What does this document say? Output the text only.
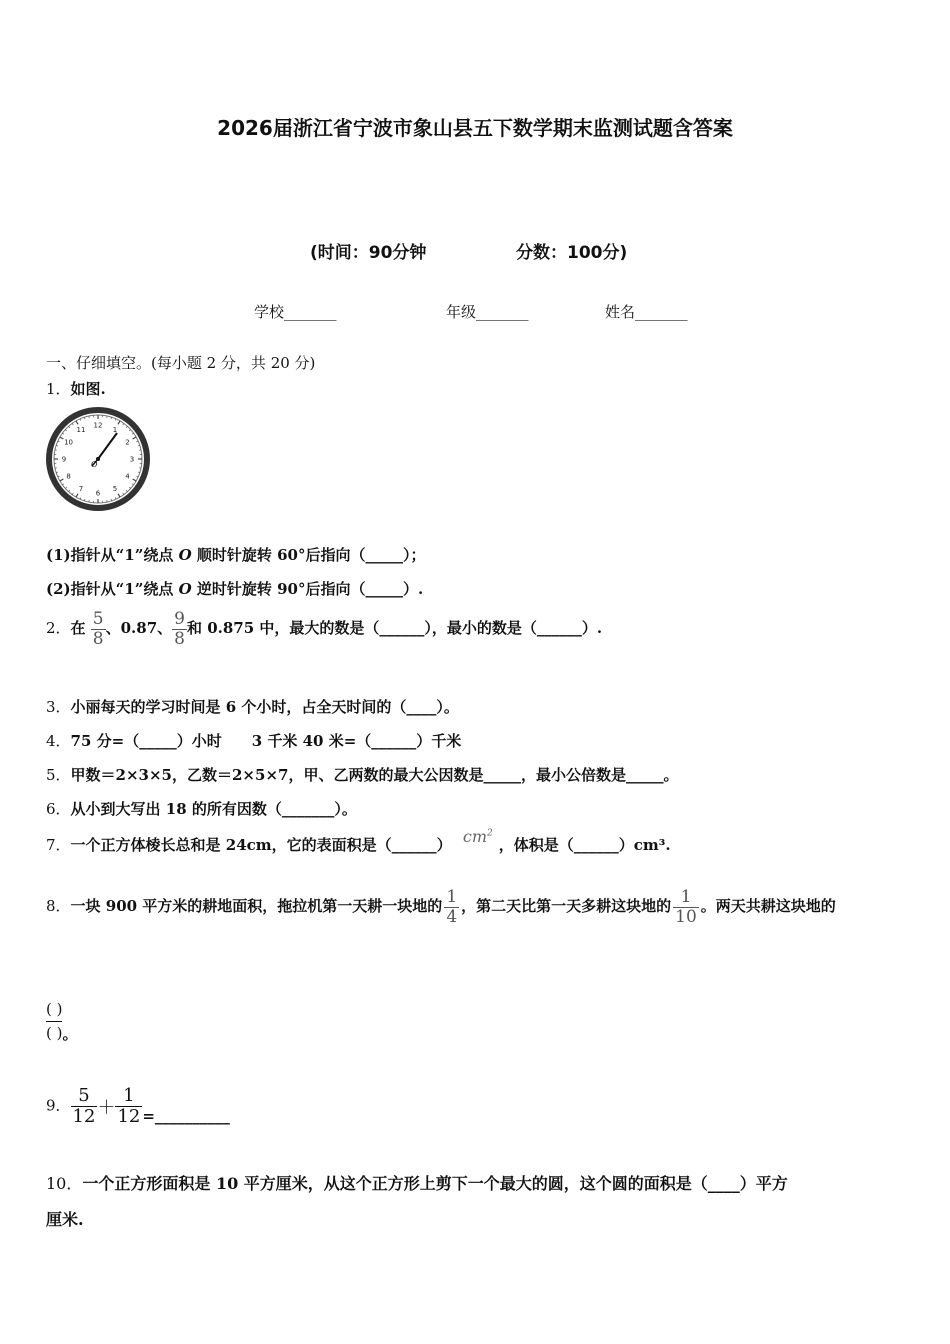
2026届浙江省宁波市象山县五下数学期末监测试题含答案
(时间：90分钟	分数：100分)
学校_______	年级_______	姓名_______
一、仔细填空。(每小题 2 分，共 20 分)
1．如图.
12
1
2
3
4
5
6
7
8
9
10
11
O
(1)指针从“1”绕点 O 顺时针旋转 60°后指向（_____）；
(2)指针从“1”绕点 O 逆时针旋转 90°后指向（_____）.
2．在 $\frac{5}{8}$ 、0.87、 $\frac{9}{8}$ 和 0.875 中，最大的数是（______），最小的数是（______）.
3．小丽每天的学习时间是 6 个小时，占全天时间的（____）。
4．75 分=（_____）小时　　3 千米 40 米=（______）千米
5．甲数＝2×3×5，乙数＝2×5×7，甲、乙两数的最大公因数是_____，最小公倍数是_____。
6．从小到大写出 18 的所有因数（_______）。
7．一个正方体棱长总和是 24cm，它的表面积是（______） $cm^2$，体积是（______）cm³.
8．一块 900 平方米的耕地面积，拖拉机第一天耕一块地的 $\frac{1}{4}$ ，第二天比第一天多耕这块地的 $\frac{1}{10}$ 。两天共耕这块地的
( )
( ) 。
9． $\frac{5}{12} + \frac{1}{12}$ =__________
10．一个正方形面积是 10 平方厘米，从这个正方形上剪下一个最大的圆，这个圆的面积是（____）平方
厘米.
